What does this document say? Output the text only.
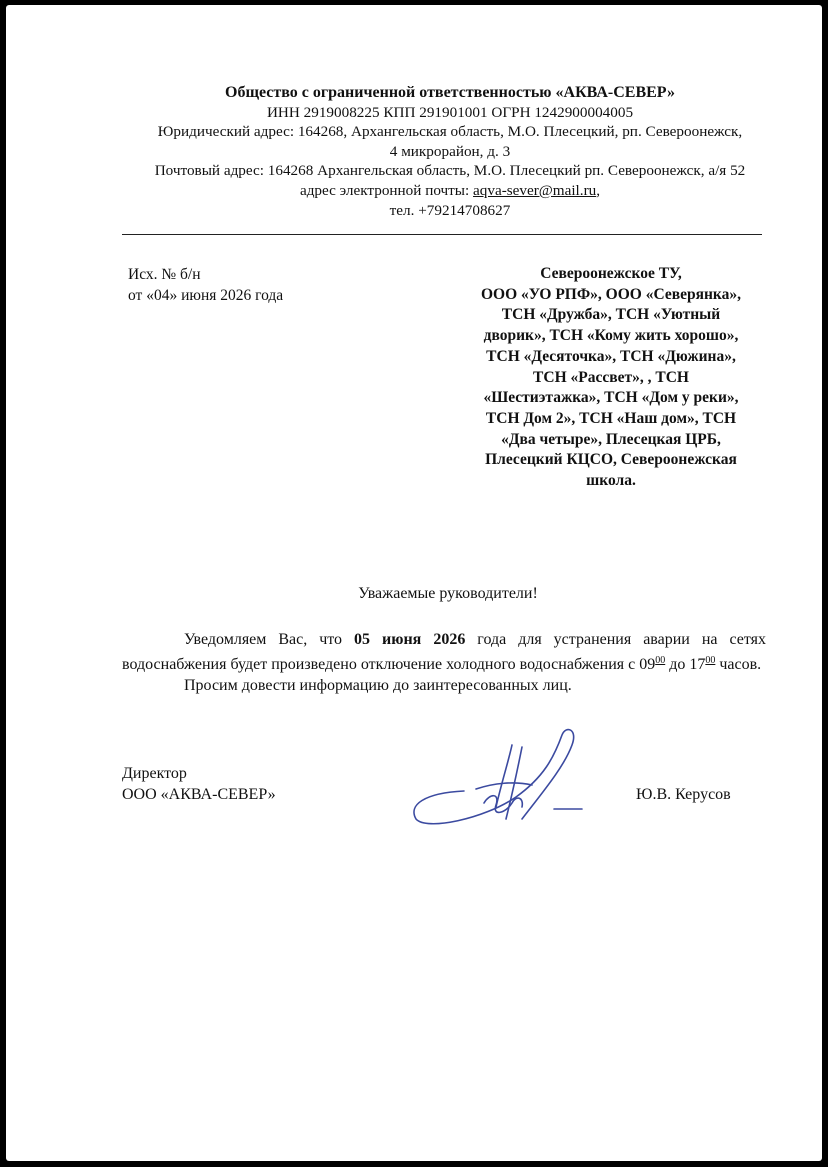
Общество с ограниченной ответственностью «АКВА-СЕВЕР»
ИНН 2919008225 КПП 291901001 ОГРН 1242900004005
Юридический адрес: 164268, Архангельская область, М.О. Плесецкий, рп. Североонежск,
4 микрорайон, д. 3
Почтовый адрес: 164268 Архангельская область, М.О. Плесецкий рп. Североонежск, а/я 52
адрес электронной почты: aqva-sever@mail.ru,
тел. +79214708627
Исх. № б/н
от «04» июня 2026 года
Североонежское ТУ,
ООО «УО РПФ», ООО «Северянка»,
ТСН «Дружба», ТСН «Уютный
дворик», ТСН «Кому жить хорошо»,
ТСН «Десяточка», ТСН «Дюжина»,
ТСН «Рассвет», , ТСН
«Шестиэтажка», ТСН «Дом у реки»,
ТСН Дом 2», ТСН «Наш дом», ТСН
«Два четыре», Плесецкая ЦРБ,
Плесецкий КЦСО, Североонежская
школа.
Уважаемые руководители!

Уведомляем Вас, что 05 июня 2026 года для устранения аварии на сетях водоснабжения будет произведено отключение холодного водоснабжения с $09^{00}$ до $17^{00}$ часов.

Просим довести информацию до заинтересованных лиц.

Директор
ООО «АКВА-СЕВЕР»	Ю.В. Керусов
